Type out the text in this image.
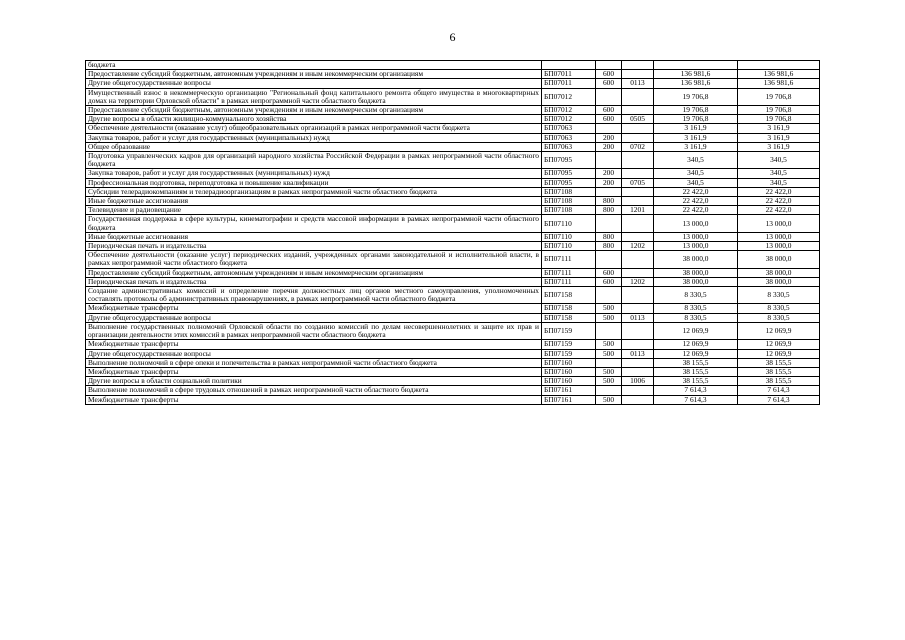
6
бюджета					
Предоставление субсидий бюджетным, автономным учреждениям и иным некоммерческим организациям	БП07011	600		136 981,6	136 981,6
Другие общегосударственные вопросы	БП07011	600	0113	136 981,6	136 981,6
Имущественный взнос в некоммерческую организацию "Региональный фонд капитального ремонта общего имущества в многоквартирных домах на территории Орловской области" в рамках непрограммной части областного бюджета	БП07012			19 706,8	19 706,8
Предоставление субсидий бюджетным, автономным учреждениям и иным некоммерческим организациям	БП07012	600		19 706,8	19 706,8
Другие вопросы в области жилищно-коммунального хозяйства	БП07012	600	0505	19 706,8	19 706,8
Обеспечение деятельности (оказание услуг) общеобразовательных организаций в рамках непрограммной части бюджета	БП07063			3 161,9	3 161,9
Закупка товаров, работ и услуг для государственных (муниципальных) нужд	БП07063	200		3 161,9	3 161,9
Общее образование	БП07063	200	0702	3 161,9	3 161,9
Подготовка управленческих кадров для организаций народного хозяйства Российской Федерации в рамках непрограммной части областного бюджета	БП07095			340,5	340,5
Закупка товаров, работ и услуг для государственных (муниципальных) нужд	БП07095	200		340,5	340,5
Профессиональная подготовка, переподготовка и повышение квалификации	БП07095	200	0705	340,5	340,5
Субсидии телерадиокомпаниям и телерадиоорганизациям в рамках непрограммной части областного бюджета	БП07108			22 422,0	22 422,0
Иные бюджетные ассигнования	БП07108	800		22 422,0	22 422,0
Телевидение и радиовещание	БП07108	800	1201	22 422,0	22 422,0
Государственная поддержка в сфере культуры, кинематографии и средств массовой информации в рамках непрограммной части областного бюджета	БП07110			13 000,0	13 000,0
Иные бюджетные ассигнования	БП07110	800		13 000,0	13 000,0
Периодическая печать и издательства	БП07110	800	1202	13 000,0	13 000,0
Обеспечение деятельности (оказание услуг) периодических изданий, учрежденных органами законодательной и исполнительной власти, в рамках непрограммной части областного бюджета	БП07111			38 000,0	38 000,0
Предоставление субсидий бюджетным, автономным учреждениям и иным некоммерческим организациям	БП07111	600		38 000,0	38 000,0
Периодическая печать и издательства	БП07111	600	1202	38 000,0	38 000,0
Создание административных комиссий и определение перечня должностных лиц органов местного самоуправления, уполномоченных составлять протоколы об административных правонарушениях, в рамках непрограммной части областного бюджета	БП07158			8 330,5	8 330,5
Межбюджетные трансферты	БП07158	500		8 330,5	8 330,5
Другие общегосударственные вопросы	БП07158	500	0113	8 330,5	8 330,5
Выполнение государственных полномочий Орловской области по созданию комиссий по делам несовершеннолетних и защите их прав и организации деятельности этих комиссий в рамках непрограммной части областного бюджета	БП07159			12 069,9	12 069,9
Межбюджетные трансферты	БП07159	500		12 069,9	12 069,9
Другие общегосударственные вопросы	БП07159	500	0113	12 069,9	12 069,9
Выполнение полномочий в сфере опеки и попечительства в рамках непрограммной части областного бюджета	БП07160			38 155,5	38 155,5
Межбюджетные трансферты	БП07160	500		38 155,5	38 155,5
Другие вопросы в области социальной политики	БП07160	500	1006	38 155,5	38 155,5
Выполнение полномочий в сфере трудовых отношений в рамках непрограммной части областного бюджета	БП07161			7 614,3	7 614,3
Межбюджетные трансферты	БП07161	500		7 614,3	7 614,3
